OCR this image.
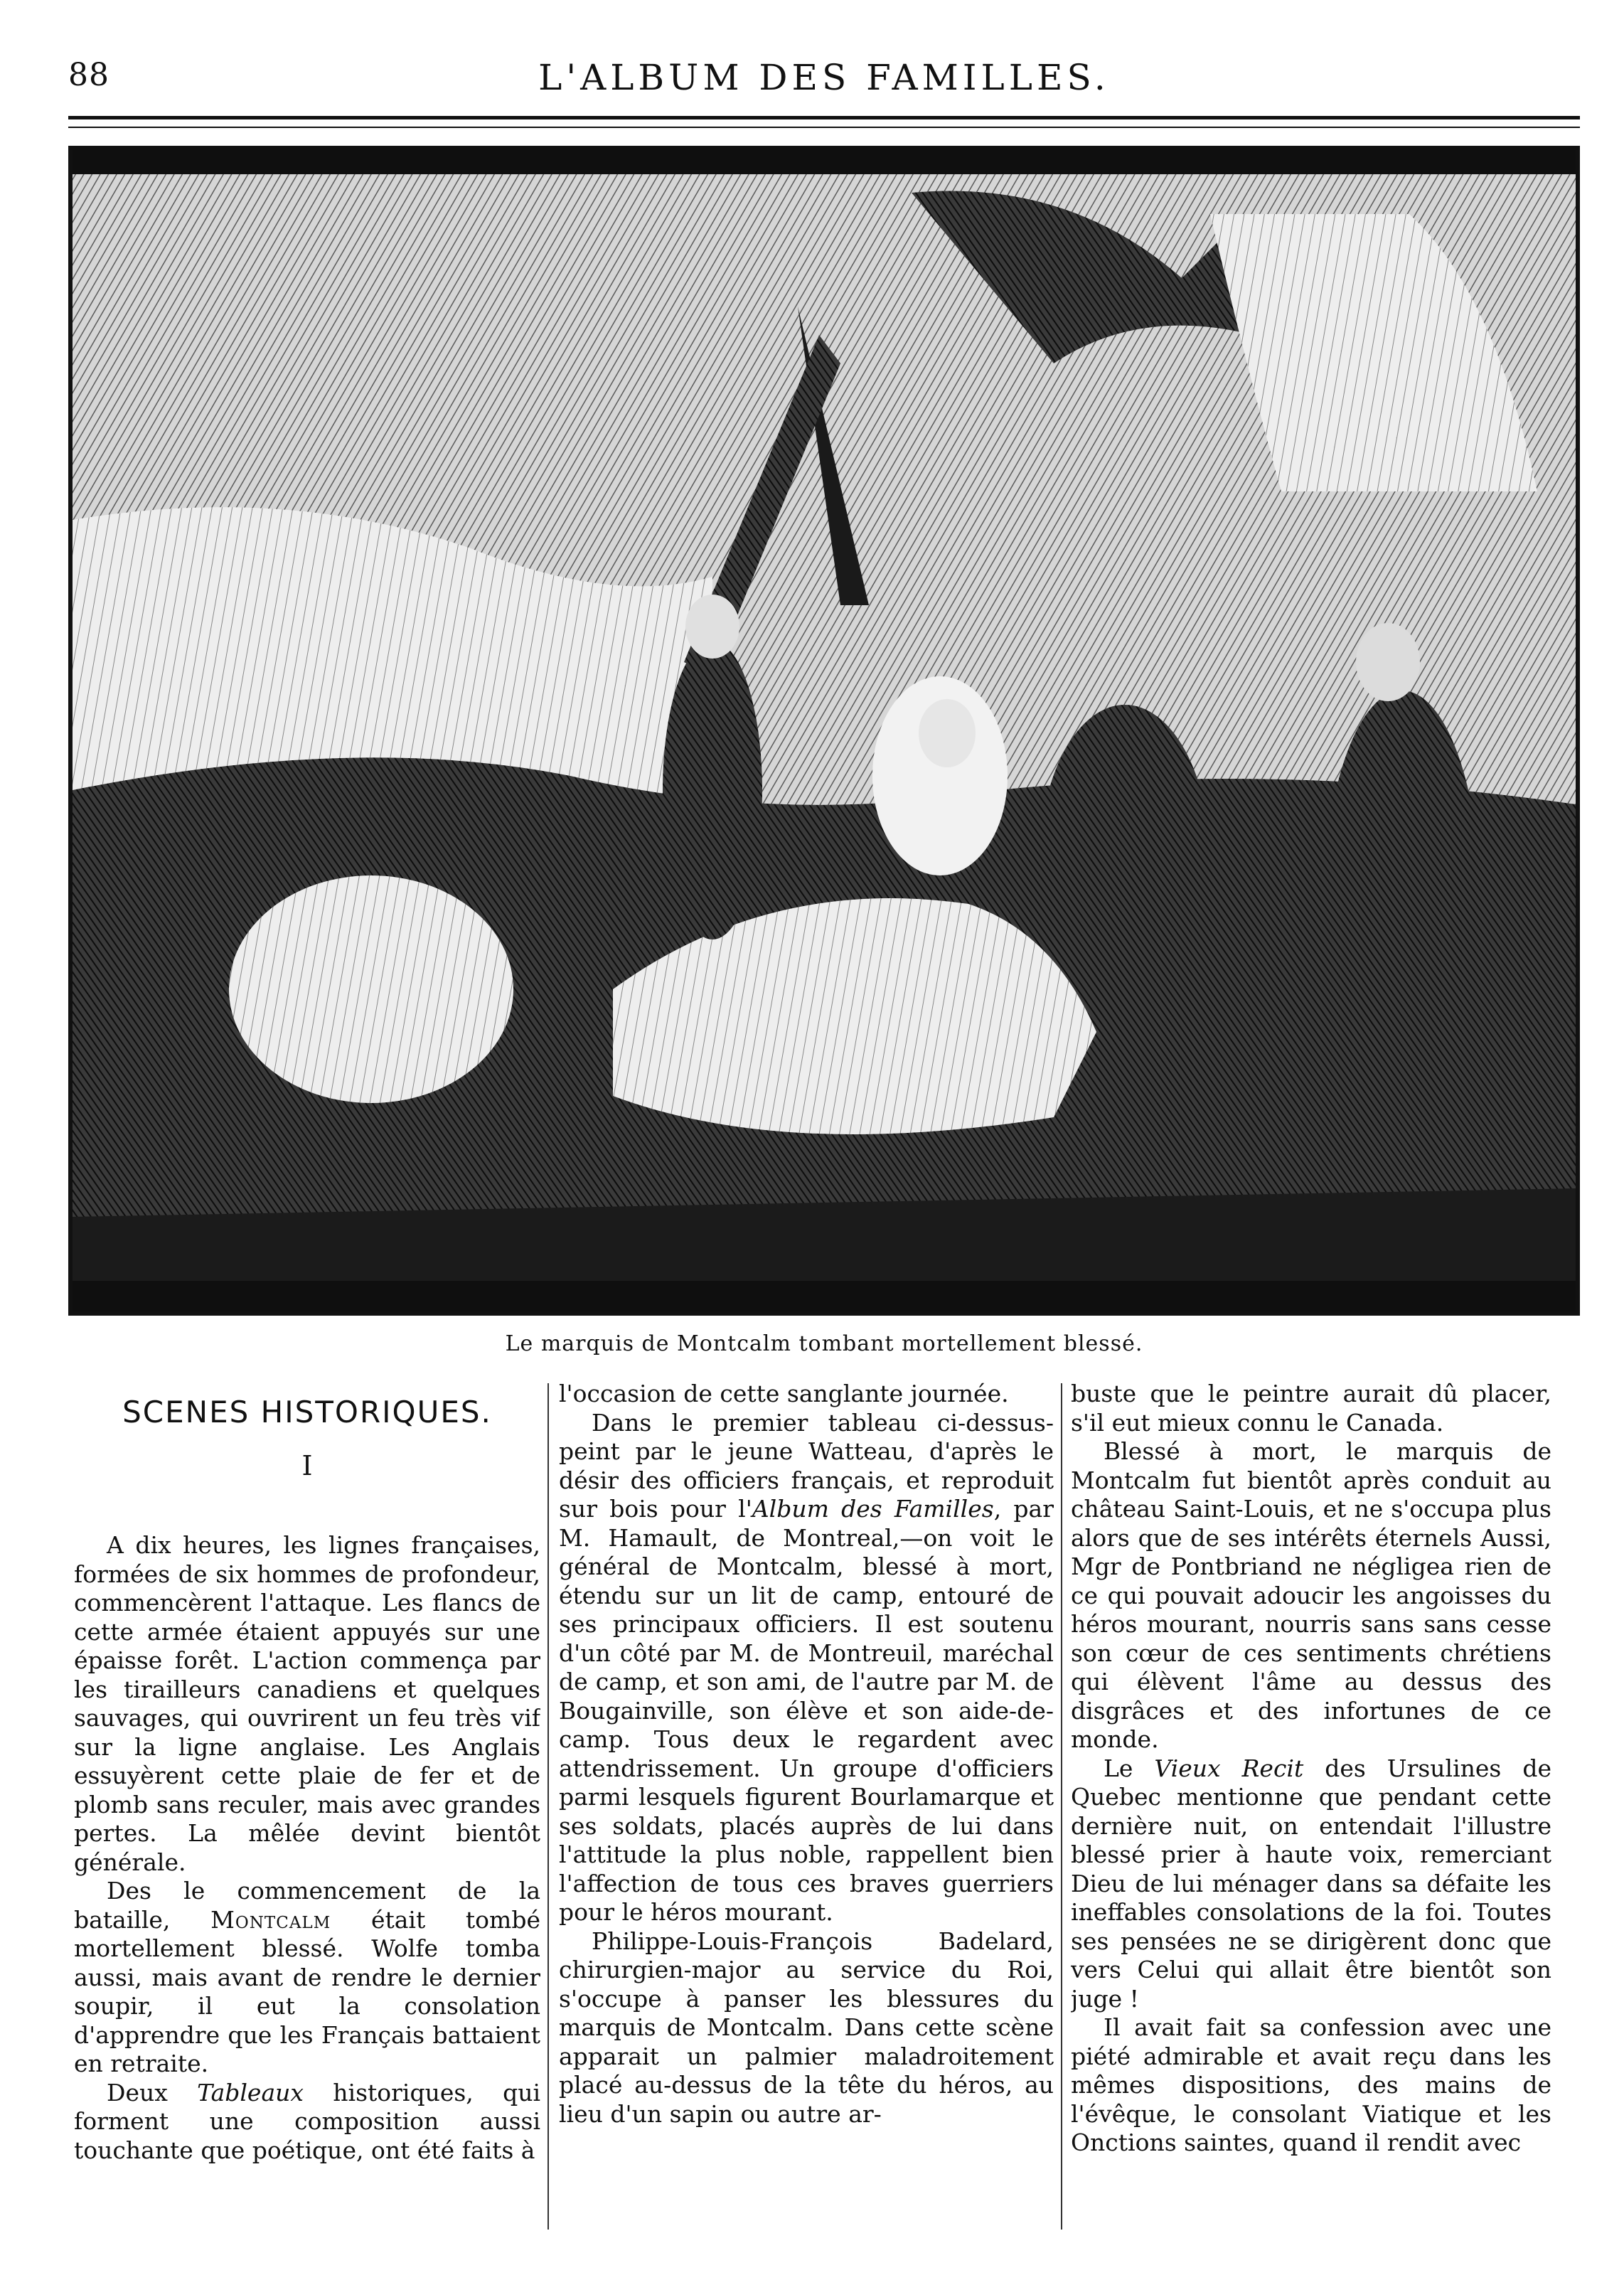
88	L'ALBUM DES FAMILLES.
Le marquis de Montcalm tombant mortellement blessé.
SCENES HISTORIQUES.
I

A dix heures, les lignes françaises, formées de six hommes de profondeur, commencèrent l'attaque. Les flancs de cette armée étaient appuyés sur une épaisse forêt. L'action commença par les tirailleurs canadiens et quelques sauvages, qui ouvrirent un feu très vif sur la ligne anglaise. Les Anglais essuyèrent cette plaie de fer et de plomb sans reculer, mais avec grandes pertes. La mêlée devint bientôt générale.

Des le commencement de la bataille, Montcalm était tombé mortellement blessé. Wolfe tomba aussi, mais avant de rendre le dernier soupir, il eut la consolation d'apprendre que les Français battaient en retraite.

Deux Tableaux historiques, qui forment une composition aussi touchante que poétique, ont été faits à

l'occasion de cette sanglante journée.

Dans le premier tableau ci-dessus-peint par le jeune Watteau, d'après le désir des officiers français, et reproduit sur bois pour l'Album des Familles, par M. Hamault, de Montreal,—on voit le général de Montcalm, blessé à mort, étendu sur un lit de camp, entouré de ses principaux officiers. Il est soutenu d'un côté par M. de Montreuil, maréchal de camp, et son ami, de l'autre par M. de Bougainville, son élève et son aide-de-camp. Tous deux le regardent avec attendrissement. Un groupe d'officiers parmi lesquels figurent Bourlamarque et ses soldats, placés auprès de lui dans l'attitude la plus noble, rappellent bien l'affection de tous ces braves guerriers pour le héros mourant.

Philippe-Louis-François Badelard, chirurgien-major au service du Roi, s'occupe à panser les blessures du marquis de Montcalm. Dans cette scène apparait un palmier maladroitement placé au-dessus de la tête du héros, au lieu d'un sapin ou autre ar-

buste que le peintre aurait dû placer, s'il eut mieux connu le Canada.

Blessé à mort, le marquis de Montcalm fut bientôt après conduit au château Saint-Louis, et ne s'occupa plus alors que de ses intérêts éternels Aussi, Mgr de Pontbriand ne négligea rien de ce qui pouvait adoucir les angoisses du héros mourant, nourris sans sans cesse son cœur de ces sentiments chrétiens qui élèvent l'âme au dessus des disgrâces et des infortunes de ce monde.

Le Vieux Recit des Ursulines de Quebec mentionne que pendant cette dernière nuit, on entendait l'illustre blessé prier à haute voix, remerciant Dieu de lui ménager dans sa défaite les ineffables consolations de la foi. Toutes ses pensées ne se dirigèrent donc que vers Celui qui allait être bientôt son juge !

Il avait fait sa confession avec une piété admirable et avait reçu dans les mêmes dispositions, des mains de l'évêque, le consolant Viatique et les Onctions saintes, quand il rendit avec
